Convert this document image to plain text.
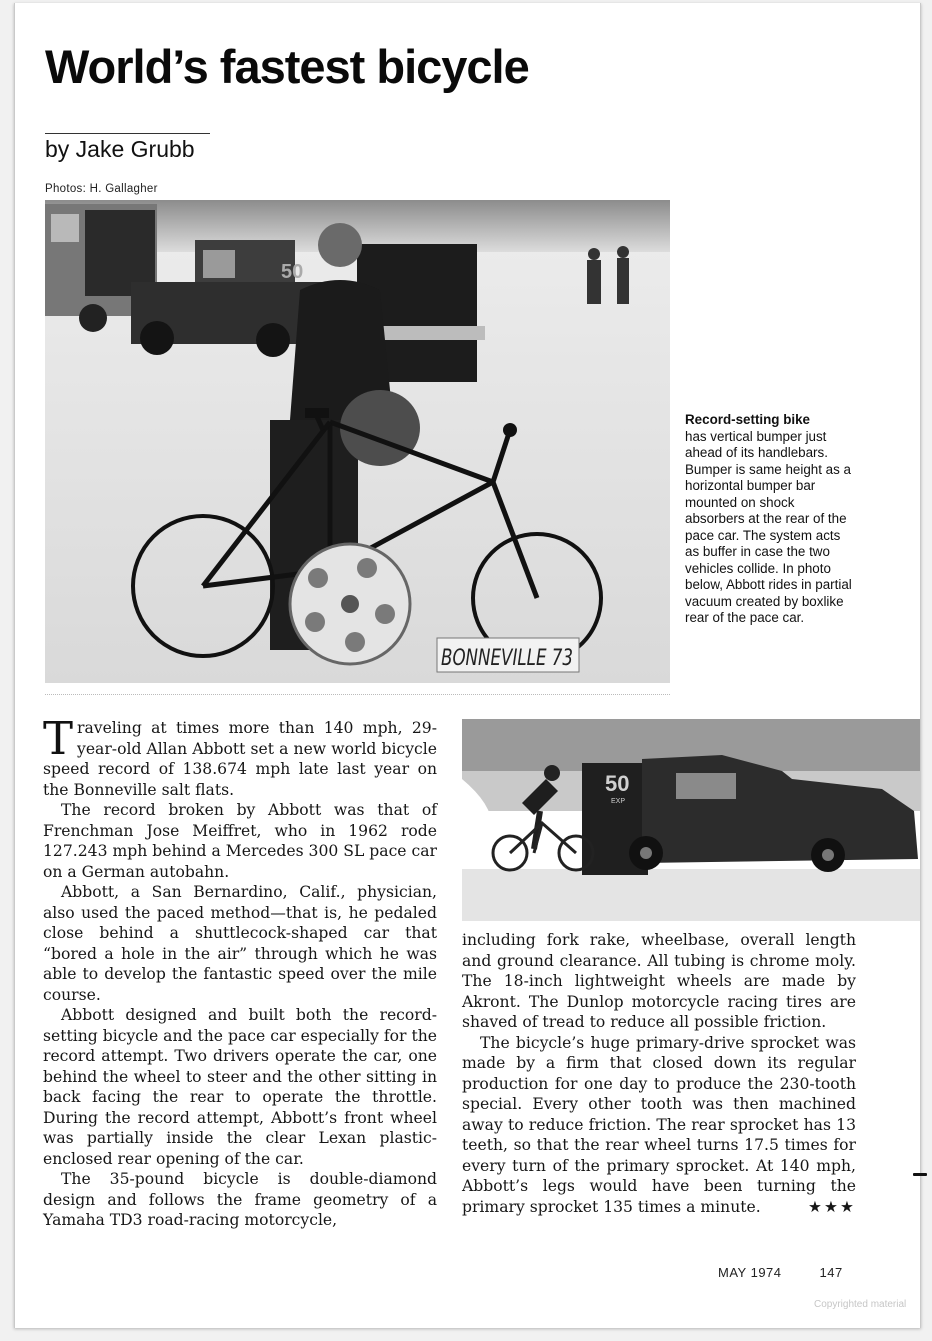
World’s fastest bicycle
by Jake Grubb
Photos: H. Gallagher
50
BONNEVILLE 73
Record-setting bike
has vertical bumper just ahead of its handlebars. Bumper is same height as a horizontal bumper bar mounted on shock absorbers at the rear of the pace car. The system acts as buffer in case the two vehicles collide. In photo below, Abbott rides in partial vacuum created by boxlike rear of the pace car.
50
EXP

Traveling at times more than 140 mph, 29-year-old Allan Abbott set a new world bicycle speed record of 138.674 mph late last year on the Bonneville salt flats.

The record broken by Abbott was that of Frenchman Jose Meiffret, who in 1962 rode 127.243 mph behind a Mercedes 300 SL pace car on a German autobahn.

Abbott, a San Bernardino, Calif., physician, also used the paced method—that is, he pedaled close behind a shuttlecock-shaped car that “bored a hole in the air” through which he was able to develop the fantastic speed over the mile course.

Abbott designed and built both the record-setting bicycle and the pace car especially for the record attempt. Two drivers operate the car, one behind the wheel to steer and the other sitting in back facing the rear to operate the throttle. During the record attempt, Abbott’s front wheel was partially inside the clear Lexan plastic-enclosed rear opening of the car.

The 35-pound bicycle is double-diamond design and follows the frame geometry of a Yamaha TD3 road-racing motorcycle,

including fork rake, wheelbase, overall length and ground clearance. All tubing is chrome moly. The 18-inch lightweight wheels are made by Akront. The Dunlop motorcycle racing tires are shaved of tread to reduce all possible friction.

The bicycle’s huge primary-drive sprocket was made by a firm that closed down its regular production for one day to produce the 230-tooth special. Every other tooth was then machined away to reduce friction. The rear sprocket has 13 teeth, so that the rear wheel turns 17.5 times for every turn of the primary sprocket. At 140 mph, Abbott’s legs would have been turning the primary sprocket 135 times a minute.	★★★

MAY 1974	147
Copyrighted material
